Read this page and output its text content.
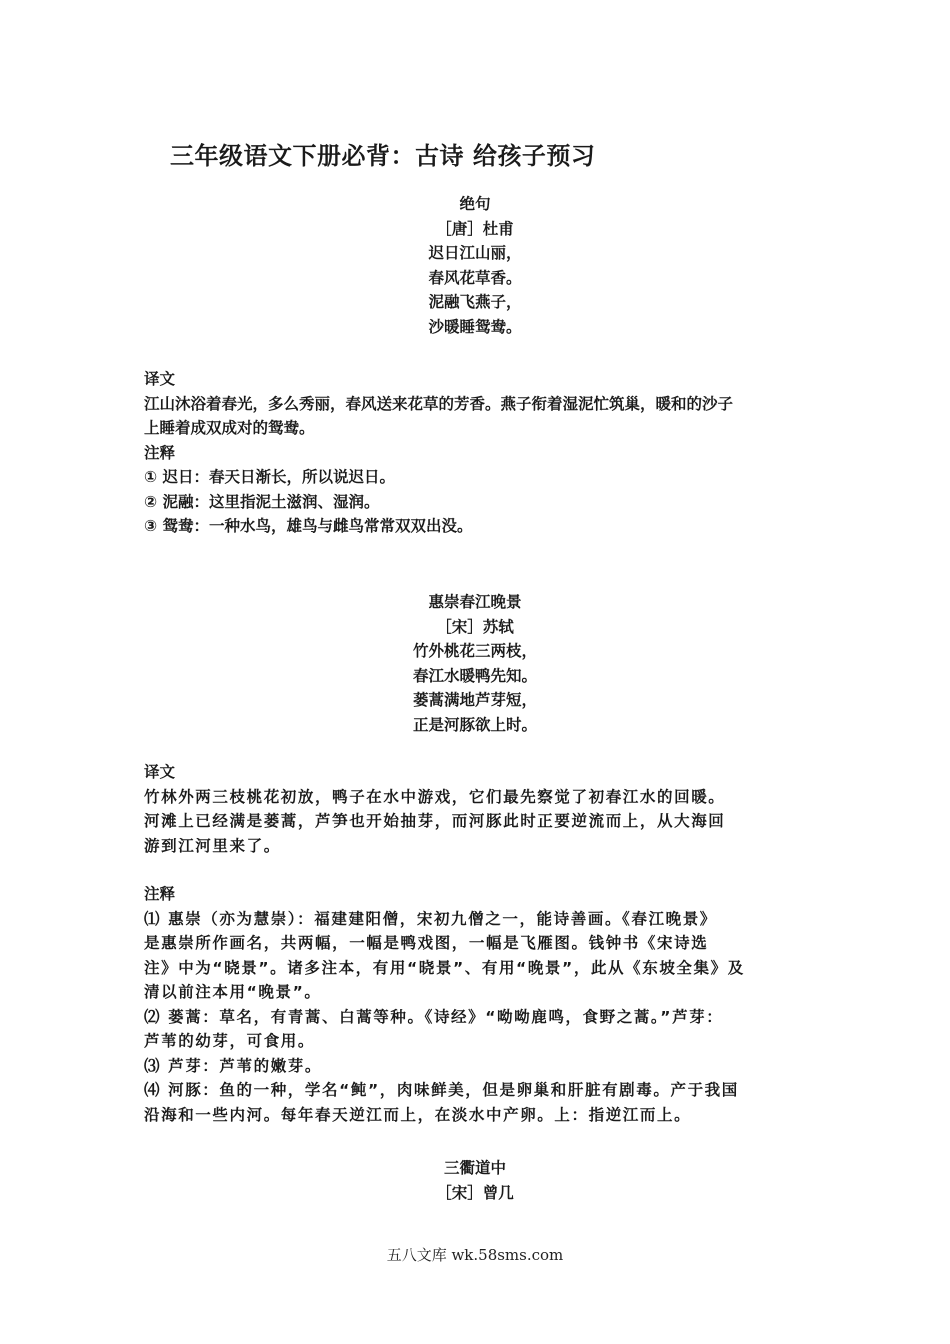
三年级语文下册必背：古诗 给孩子预习

绝句

［唐］杜甫

迟日江山丽，

春风花草香。

泥融飞燕子，

沙暖睡鸳鸯。

译文

江山沐浴着春光，多么秀丽，春风送来花草的芳香。燕子衔着湿泥忙筑巢，暖和的沙子

上睡着成双成对的鸳鸯。

注释

① 迟日：春天日渐长，所以说迟日。

② 泥融：这里指泥土滋润、湿润。

③ 鸳鸯：一种水鸟，雄鸟与雌鸟常常双双出没。

惠崇春江晚景

［宋］苏轼

竹外桃花三两枝，

春江水暖鸭先知。

蒌蒿满地芦芽短，

正是河豚欲上时。

译文

竹林外两三枝桃花初放，鸭子在水中游戏，它们最先察觉了初春江水的回暖。

河滩上已经满是蒌蒿，芦笋也开始抽芽，而河豚此时正要逆流而上，从大海回

游到江河里来了。

注释

⑴ 惠崇（亦为慧崇）：福建建阳僧，宋初九僧之一，能诗善画。《春江晚景》

是惠崇所作画名，共两幅，一幅是鸭戏图，一幅是飞雁图。钱钟书《宋诗选

注》中为“晓景”。诸多注本，有用“晓景”、有用“晚景”，此从《东坡全集》及

清以前注本用“晚景”。

⑵ 蒌蒿：草名，有青蒿、白蒿等种。《诗经》“呦呦鹿鸣，食野之蒿。”芦芽：

芦苇的幼芽，可食用。

⑶ 芦芽：芦苇的嫩芽。

⑷ 河豚：鱼的一种，学名“鲀”，肉味鲜美，但是卵巢和肝脏有剧毒。产于我国

沿海和一些内河。每年春天逆江而上，在淡水中产卵。上：指逆江而上。

三衢道中

［宋］曾几

五八文库 wk.58sms.com
